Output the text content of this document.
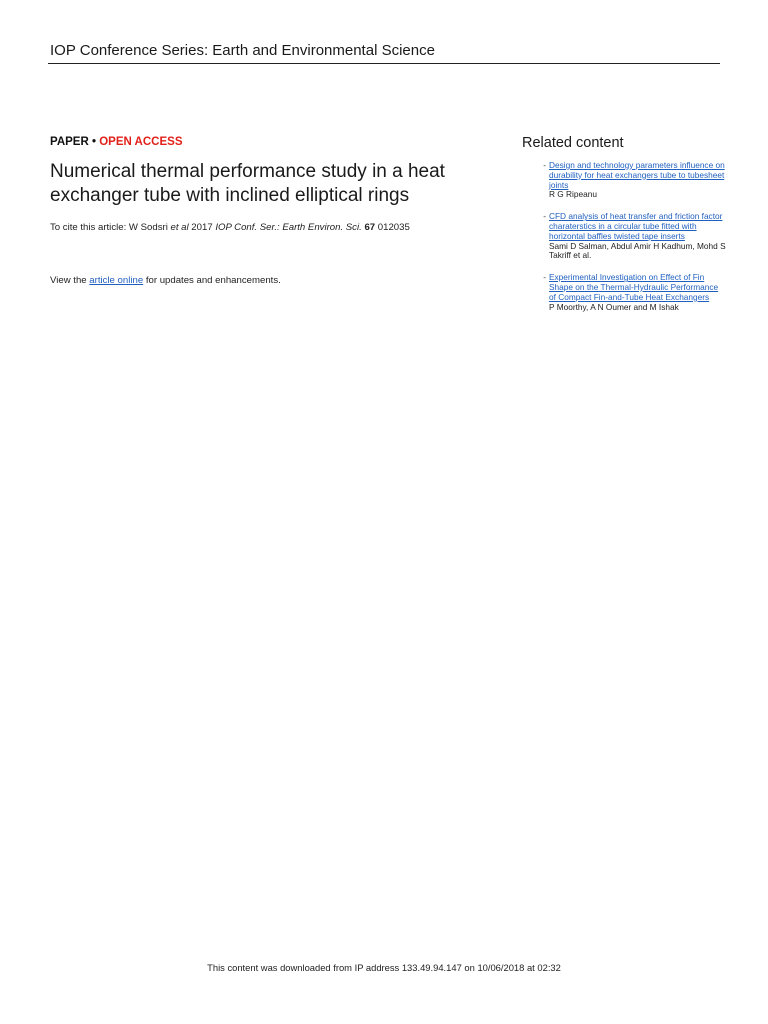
IOP Conference Series: Earth and Environmental Science
PAPER • OPEN ACCESS
Numerical thermal performance study in a heat exchanger tube with inclined elliptical rings
To cite this article: W Sodsri et al 2017 IOP Conf. Ser.: Earth Environ. Sci. 67 012035
View the article online for updates and enhancements.
Related content
- Design and technology parameters influence on durability for heat exchangers tube to tubesheet joints
R G Ripeanu
- CFD analysis of heat transfer and friction factor charaterstics in a circular tube fitted with horizontal baffles twisted tape inserts
Sami D Salman, Abdul Amir H Kadhum, Mohd S Takriff et al.
- Experimental Investigation on Effect of Fin Shape on the Thermal-Hydraulic Performance of Compact Fin-and-Tube Heat Exchangers
P Moorthy, A N Oumer and M Ishak
This content was downloaded from IP address 133.49.94.147 on 10/06/2018 at 02:32
